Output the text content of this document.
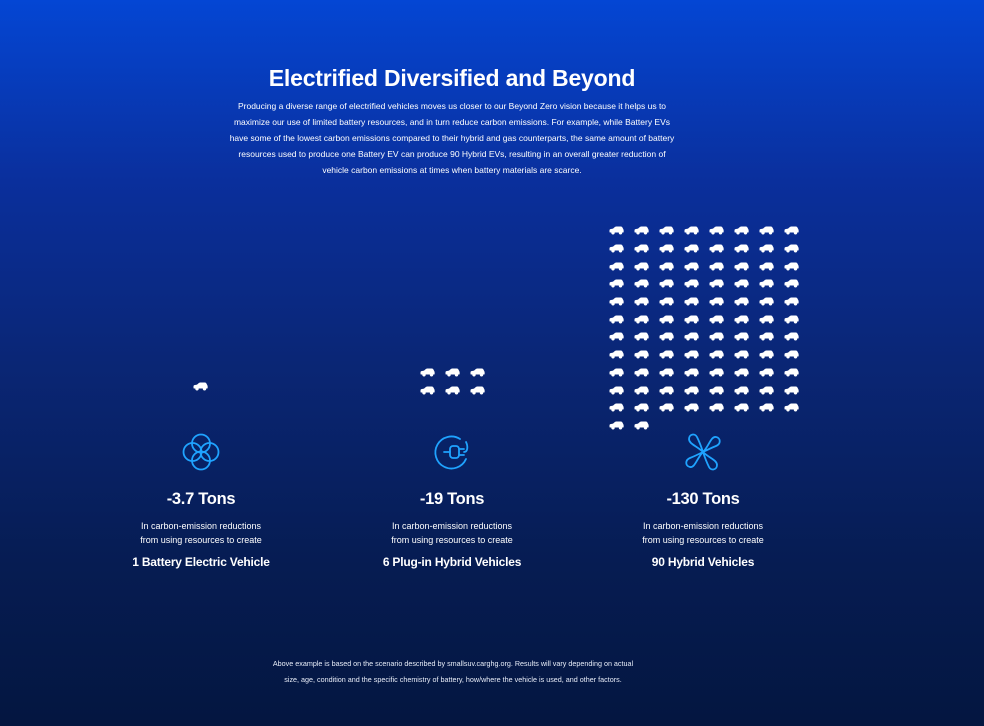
Electrified Diversified and Beyond

Producing a diverse range of electrified vehicles moves us closer to our Beyond Zero vision because it helps us to maximize our use of limited battery resources, and in turn reduce carbon emissions. For example, while Battery EVs have some of the lowest carbon emissions compared to their hybrid and gas counterparts, the same amount of battery resources used to produce one Battery EV can produce 90 Hybrid EVs, resulting in an overall greater reduction of vehicle carbon emissions at times when battery materials are scarce.

-3.7 Tons
In carbon-emission reductions
from using resources to create
1 Battery Electric Vehicle
-19 Tons
In carbon-emission reductions
from using resources to create
6 Plug-in Hybrid Vehicles
-130 Tons
In carbon-emission reductions
from using resources to create
90 Hybrid Vehicles
Above example is based on the scenario described by smallsuv.carghg.org. Results will vary depending on actual
size, age, condition and the specific chemistry of battery, how/where the vehicle is used, and other factors.
